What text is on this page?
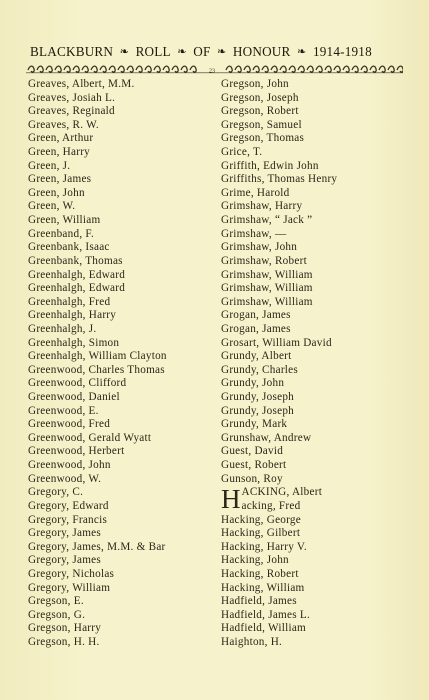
BLACKBURN ❧ ROLL ❧ OF ❧ HONOUR ❧ 1914-1918
23
Greaves, Albert, M.M.
Greaves, Josiah L.
Greaves, Reginald
Greaves, R. W.
Green, Arthur
Green, Harry
Green, J.
Green, James
Green, John
Green, W.
Green, William
Greenband, F.
Greenbank, Isaac
Greenbank, Thomas
Greenhalgh, Edward
Greenhalgh, Edward
Greenhalgh, Fred
Greenhalgh, Harry
Greenhalgh, J.
Greenhalgh, Simon
Greenhalgh, William Clayton
Greenwood, Charles Thomas
Greenwood, Clifford
Greenwood, Daniel
Greenwood, E.
Greenwood, Fred
Greenwood, Gerald Wyatt
Greenwood, Herbert
Greenwood, John
Greenwood, W.
Gregory, C.
Gregory, Edward
Gregory, Francis
Gregory, James
Gregory, James, M.M. & Bar
Gregory, James
Gregory, Nicholas
Gregory, William
Gregson, E.
Gregson, G.
Gregson, Harry
Gregson, H. H.
Gregson, John
Gregson, Joseph
Gregson, Robert
Gregson, Samuel
Gregson, Thomas
Grice, T.
Griffith, Edwin John
Griffiths, Thomas Henry
Grime, Harold
Grimshaw, Harry
Grimshaw, “ Jack ”
Grimshaw, —
Grimshaw, John
Grimshaw, Robert
Grimshaw, William
Grimshaw, William
Grimshaw, William
Grogan, James
Grogan, James
Grosart, William David
Grundy, Albert
Grundy, Charles
Grundy, John
Grundy, Joseph
Grundy, Joseph
Grundy, Mark
Grunshaw, Andrew
Guest, David
Guest, Robert
Gunson, Roy
H ACKING, Albert
acking, Fred
Hacking, George
Hacking, Gilbert
Hacking, Harry V.
Hacking, John
Hacking, Robert
Hacking, William
Hadfield, James
Hadfield, James L.
Hadfield, William
Haighton, H.
